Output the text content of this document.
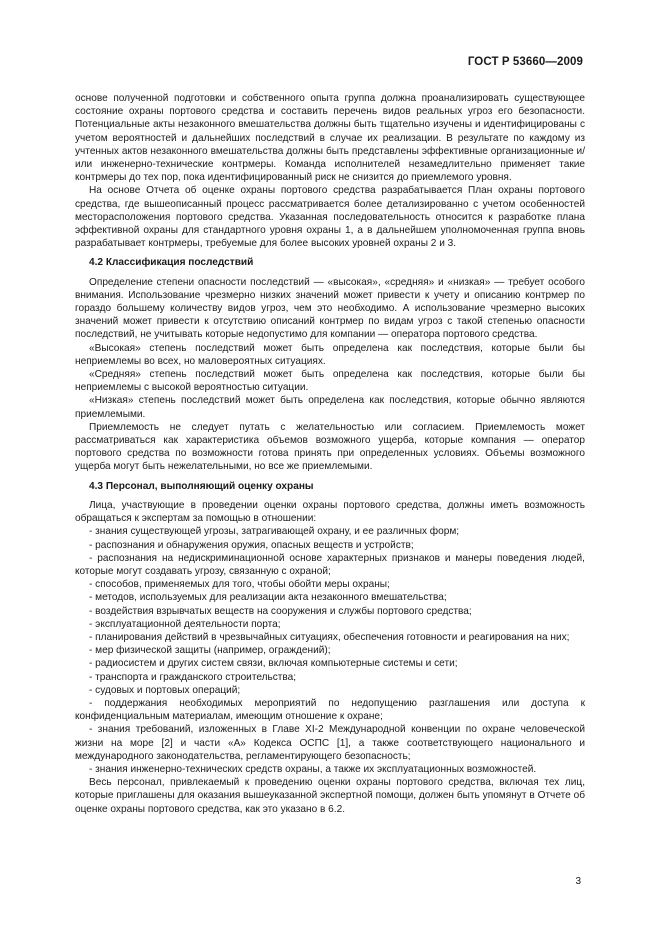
ГОСТ Р 53660—2009

основе полученной подготовки и собственного опыта группа должна проанализировать существующее состояние охраны портового средства и составить перечень видов реальных угроз его безопасности. Потенциальные акты незаконного вмешательства должны быть тщательно изучены и идентифицированы с учетом вероятностей и дальнейших последствий в случае их реализации. В результате по каждому из учтенных актов незаконного вмешательства должны быть представлены эффективные организационные и/или инженерно-технические контрмеры. Команда исполнителей незамедлительно применяет такие контрмеры до тех пор, пока идентифицированный риск не снизится до приемлемого уровня.

На основе Отчета об оценке охраны портового средства разрабатывается План охраны портового средства, где вышеописанный процесс рассматривается более детализированно с учетом особенностей месторасположения портового средства. Указанная последовательность относится к разработке плана эффективной охраны для стандартного уровня охраны 1, а в дальнейшем уполномоченная группа вновь разрабатывает контрмеры, требуемые для более высоких уровней охраны 2 и 3.

4.2 Классификация последствий

Определение степени опасности последствий — «высокая», «средняя» и «низкая» — требует особого внимания. Использование чрезмерно низких значений может привести к учету и описанию контрмер по гораздо большему количеству видов угроз, чем это необходимо. А использование чрезмерно высоких значений может привести к отсутствию описаний контрмер по видам угроз с такой степенью опасности последствий, не учитывать которые недопустимо для компании — оператора портового средства.

«Высокая» степень последствий может быть определена как последствия, которые были бы неприемлемы во всех, но маловероятных ситуациях.

«Средняя» степень последствий может быть определена как последствия, которые были бы неприемлемы с высокой вероятностью ситуации.

«Низкая» степень последствий может быть определена как последствия, которые обычно являются приемлемыми.

Приемлемость не следует путать с желательностью или согласием. Приемлемость может рассматриваться как характеристика объемов возможного ущерба, которые компания — оператор портового средства по возможности готова принять при определенных условиях. Объемы возможного ущерба могут быть нежелательными, но все же приемлемыми.

4.3 Персонал, выполняющий оценку охраны

Лица, участвующие в проведении оценки охраны портового средства, должны иметь возможность обращаться к экспертам за помощью в отношении:

- знания существующей угрозы, затрагивающей охрану, и ее различных форм;

- распознания и обнаружения оружия, опасных веществ и устройств;

- распознания на недискриминационной основе характерных признаков и манеры поведения людей, которые могут создавать угрозу, связанную с охраной;

- способов, применяемых для того, чтобы обойти меры охраны;

- методов, используемых для реализации акта незаконного вмешательства;

- воздействия взрывчатых веществ на сооружения и службы портового средства;

- эксплуатационной деятельности порта;

- планирования действий в чрезвычайных ситуациях, обеспечения готовности и реагирования на них;

- мер физической защиты (например, ограждений);

- радиосистем и других систем связи, включая компьютерные системы и сети;

- транспорта и гражданского строительства;

- судовых и портовых операций;

- поддержания необходимых мероприятий по недопущению разглашения или доступа к конфиденциальным материалам, имеющим отношение к охране;

- знания требований, изложенных в Главе XI-2 Международной конвенции по охране человеческой жизни на море [2] и части «А» Кодекса ОСПС [1], а также соответствующего национального и международного законодательства, регламентирующего безопасность;

- знания инженерно-технических средств охраны, а также их эксплуатационных возможностей.

Весь персонал, привлекаемый к проведению оценки охраны портового средства, включая тех лиц, которые приглашены для оказания вышеуказанной экспертной помощи, должен быть упомянут в Отчете об оценке охраны портового средства, как это указано в 6.2.

3
